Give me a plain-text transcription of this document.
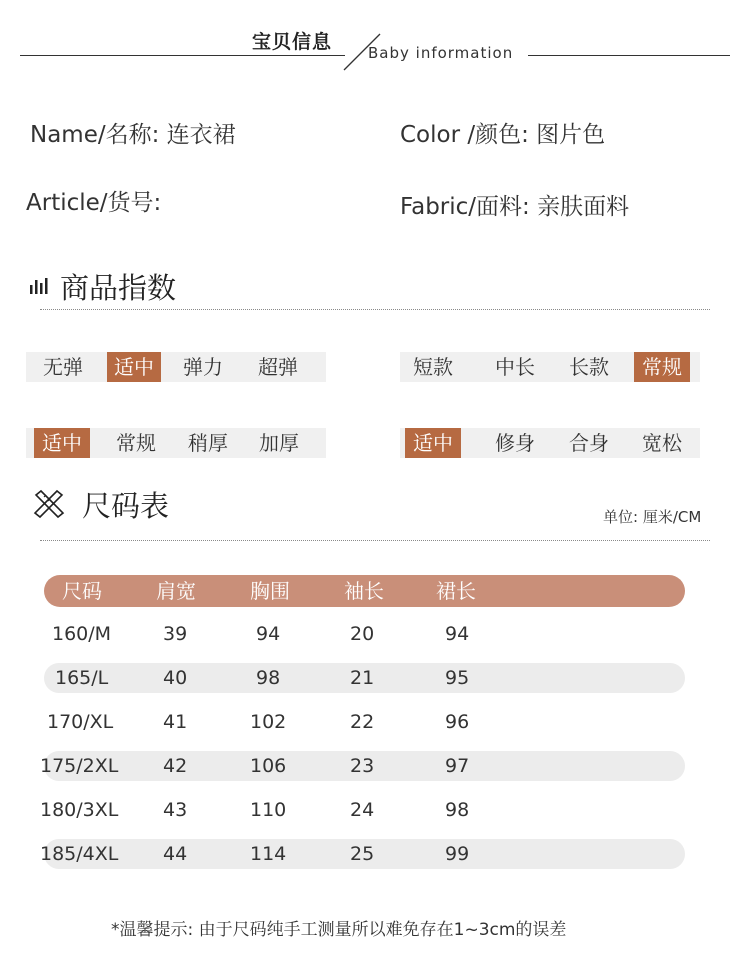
宝贝信息 Baby information
Name/名称: 连衣裙	Color /颜色: 图片色
Article/货号:	Fabric/面料: 亲肤面料
商品指数
无弹	适中	弹力	超弹	短款	中长	长款	常规
适中	常规	稍厚	加厚	适中	修身	合身	宽松
尺码表	单位: 厘米/CM
尺码	肩宽	胸围	袖长	裙长
160/M	39	94	20	94
165/L	40	98	21	95
170/XL	41	102	22	96
175/2XL 42	106	23	97
180/3XL 43	110	24	98
185/4XL 44	114	25	99
*温馨提示: 由于尺码纯手工测量所以难免存在1~3cm的误差
